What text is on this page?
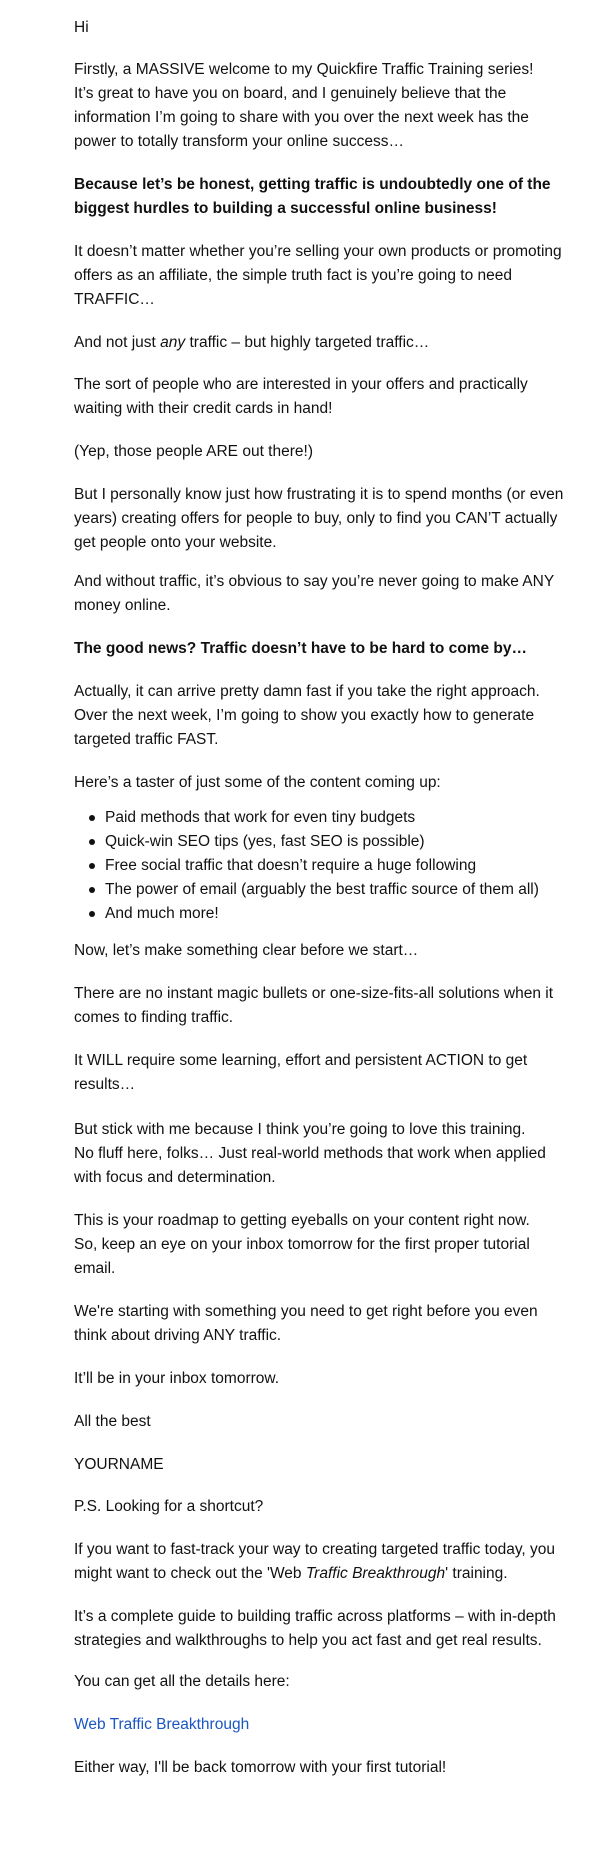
Hi
Firstly, a MASSIVE welcome to my Quickfire Traffic Training series!
It’s great to have you on board, and I genuinely believe that the
information I’m going to share with you over the next week has the
power to totally transform your online success…
Because let’s be honest, getting traffic is undoubtedly one of the
biggest hurdles to building a successful online business!
It doesn’t matter whether you’re selling your own products or promoting
offers as an affiliate, the simple truth fact is you’re going to need
TRAFFIC…
And not just any traffic – but highly targeted traffic…
The sort of people who are interested in your offers and practically
waiting with their credit cards in hand!
(Yep, those people ARE out there!)
But I personally know just how frustrating it is to spend months (or even
years) creating offers for people to buy, only to find you CAN’T actually
get people onto your website.
And without traffic, it’s obvious to say you’re never going to make ANY
money online.
The good news? Traffic doesn’t have to be hard to come by…
Actually, it can arrive pretty damn fast if you take the right approach.
Over the next week, I’m going to show you exactly how to generate
targeted traffic FAST.
Here’s a taster of just some of the content coming up:
Paid methods that work for even tiny budgets
Quick-win SEO tips (yes, fast SEO is possible)
Free social traffic that doesn’t require a huge following
The power of email (arguably the best traffic source of them all)
And much more!
Now, let’s make something clear before we start…
There are no instant magic bullets or one-size-fits-all solutions when it
comes to finding traffic.
It WILL require some learning, effort and persistent ACTION to get
results…
But stick with me because I think you’re going to love this training.
No fluff here, folks… Just real-world methods that work when applied
with focus and determination.
This is your roadmap to getting eyeballs on your content right now.
So, keep an eye on your inbox tomorrow for the first proper tutorial
email.
We're starting with something you need to get right before you even
think about driving ANY traffic.
It’ll be in your inbox tomorrow.
All the best
YOURNAME
P.S. Looking for a shortcut?
If you want to fast-track your way to creating targeted traffic today, you
might want to check out the 'Web Traffic Breakthrough' training.
It’s a complete guide to building traffic across platforms – with in-depth
strategies and walkthroughs to help you act fast and get real results.
You can get all the details here:
Web Traffic Breakthrough
Either way, I'll be back tomorrow with your first tutorial!
